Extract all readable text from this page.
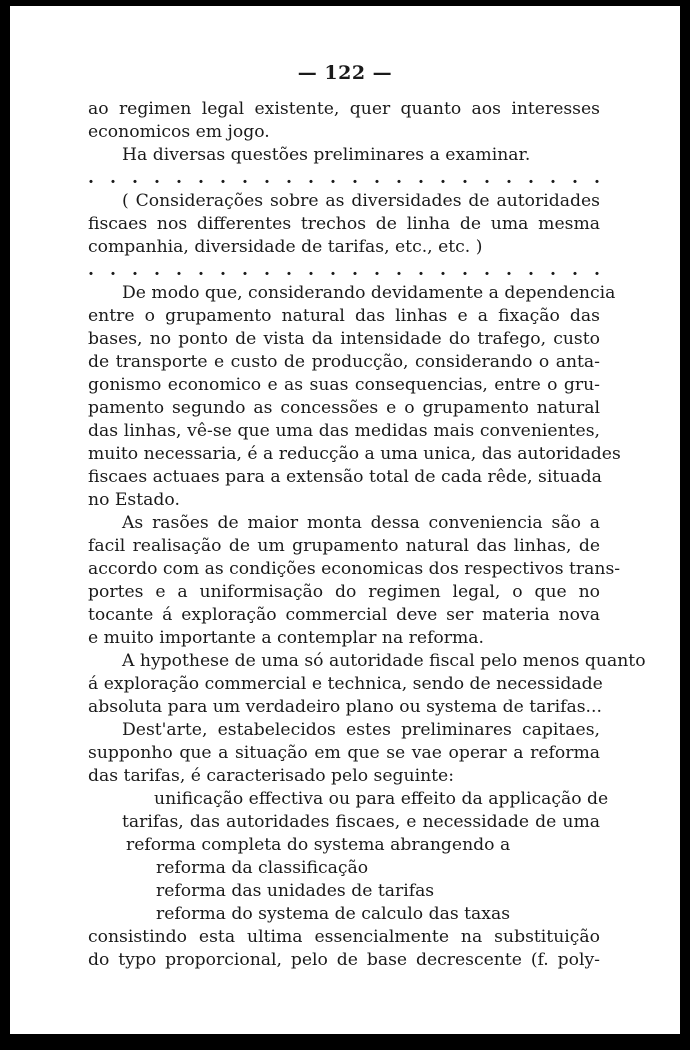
— 122 —
ao regimen legal existente, quer quanto aos interesses
economicos em jogo.
Ha diversas questões preliminares a examinar.
. . . . . . . . . . . . . . . . . . . . . . . .
( Considerações sobre as diversidades de autoridades
fiscaes nos differentes trechos de linha de uma mesma
companhia, diversidade de tarifas, etc., etc. )
. . . . . . . . . . . . . . . . . . . . . . . .
De modo que, considerando devidamente a dependencia
entre o grupamento natural das linhas e a fixação das
bases, no ponto de vista da intensidade do trafego, custo
de transporte e custo de producção, considerando o anta-
gonismo economico e as suas consequencias, entre o gru-
pamento segundo as concessões e o grupamento natural
das linhas, vê-se que uma das medidas mais convenientes,
muito necessaria, é a reducção a uma unica, das autoridades
fiscaes actuaes para a extensão total de cada rêde, situada
no Estado.
As rasões de maior monta dessa conveniencia são a
facil realisação de um grupamento natural das linhas, de
accordo com as condições economicas dos respectivos trans-
portes e a uniformisação do regimen legal, o que no
tocante á exploração commercial deve ser materia nova
e muito importante a contemplar na reforma.
A hypothese de uma só autoridade fiscal pelo menos quanto
á exploração commercial e technica, sendo de necessidade
absoluta para um verdadeiro plano ou systema de tarifas...
Dest'arte, estabelecidos estes preliminares capitaes,
supponho que a situação em que se vae operar a reforma
das tarifas, é caracterisado pelo seguinte:
unificação effectiva ou para effeito da applicação de
tarifas, das autoridades fiscaes, e necessidade de uma
reforma completa do systema abrangendo a
reforma da classificação
reforma das unidades de tarifas
reforma do systema de calculo das taxas
consistindo esta ultima essencialmente na substituição
do typo proporcional, pelo de base decrescente (f. poly-
